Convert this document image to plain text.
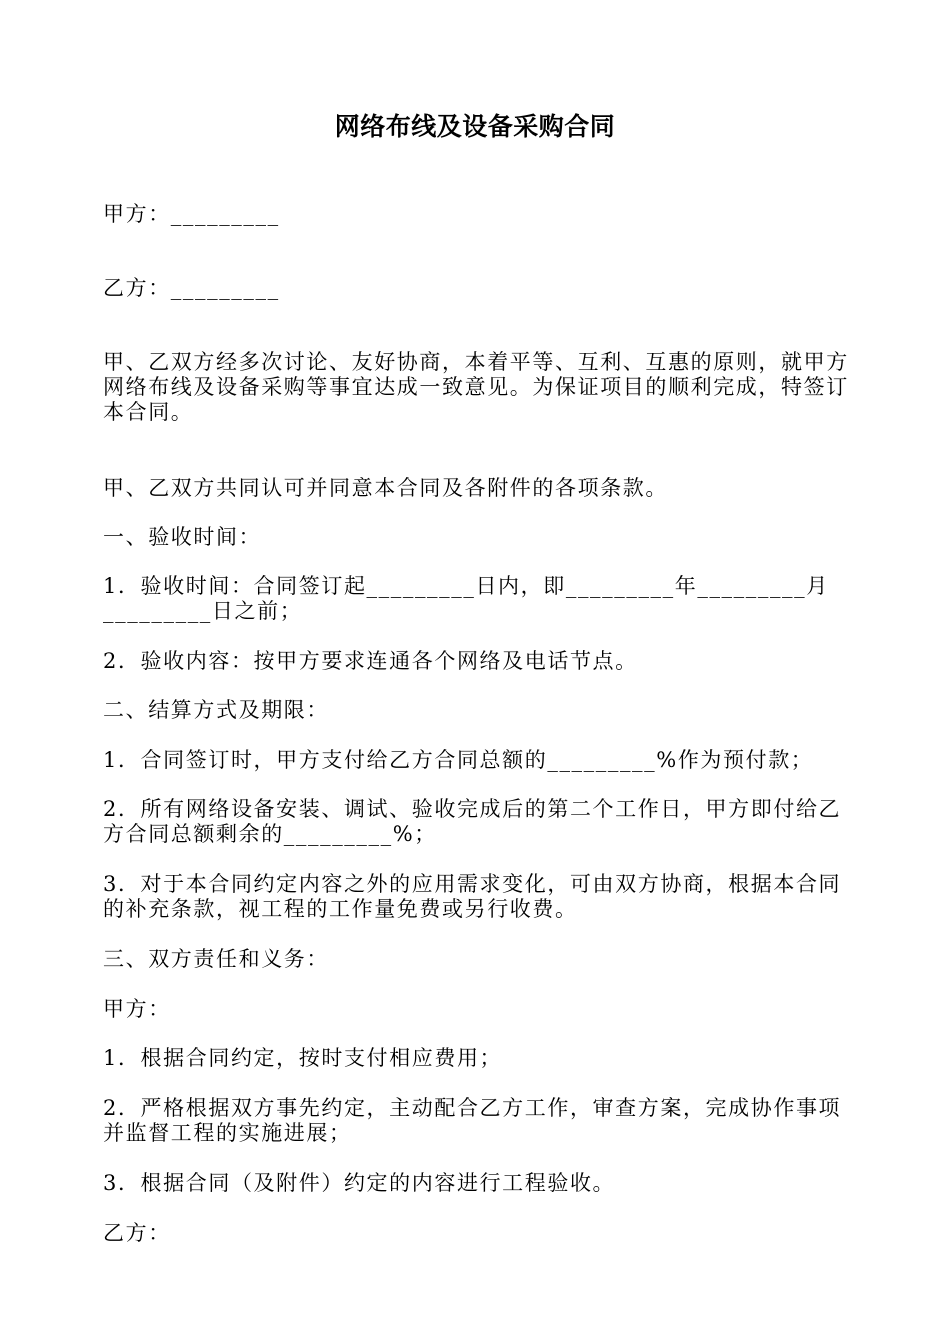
网络布线及设备采购合同

甲方：_________

乙方：_________

甲、乙双方经多次讨论、友好协商，本着平等、互利、互惠的原则，就甲方网络布线及设备采购等事宜达成一致意见。为保证项目的顺利完成，特签订本合同。

甲、乙双方共同认可并同意本合同及各附件的各项条款。

一、验收时间：

1．验收时间：合同签订起_________日内，即_________年_________月_________日之前；

2．验收内容：按甲方要求连通各个网络及电话节点。

二、结算方式及期限：

1．合同签订时，甲方支付给乙方合同总额的_________%作为预付款；

2．所有网络设备安装、调试、验收完成后的第二个工作日，甲方即付给乙方合同总额剩余的_________%；

3．对于本合同约定内容之外的应用需求变化，可由双方协商，根据本合同的补充条款，视工程的工作量免费或另行收费。

三、双方责任和义务：

甲方：

1．根据合同约定，按时支付相应费用；

2．严格根据双方事先约定，主动配合乙方工作，审查方案，完成协作事项并监督工程的实施进展；

3．根据合同（及附件）约定的内容进行工程验收。

乙方：
